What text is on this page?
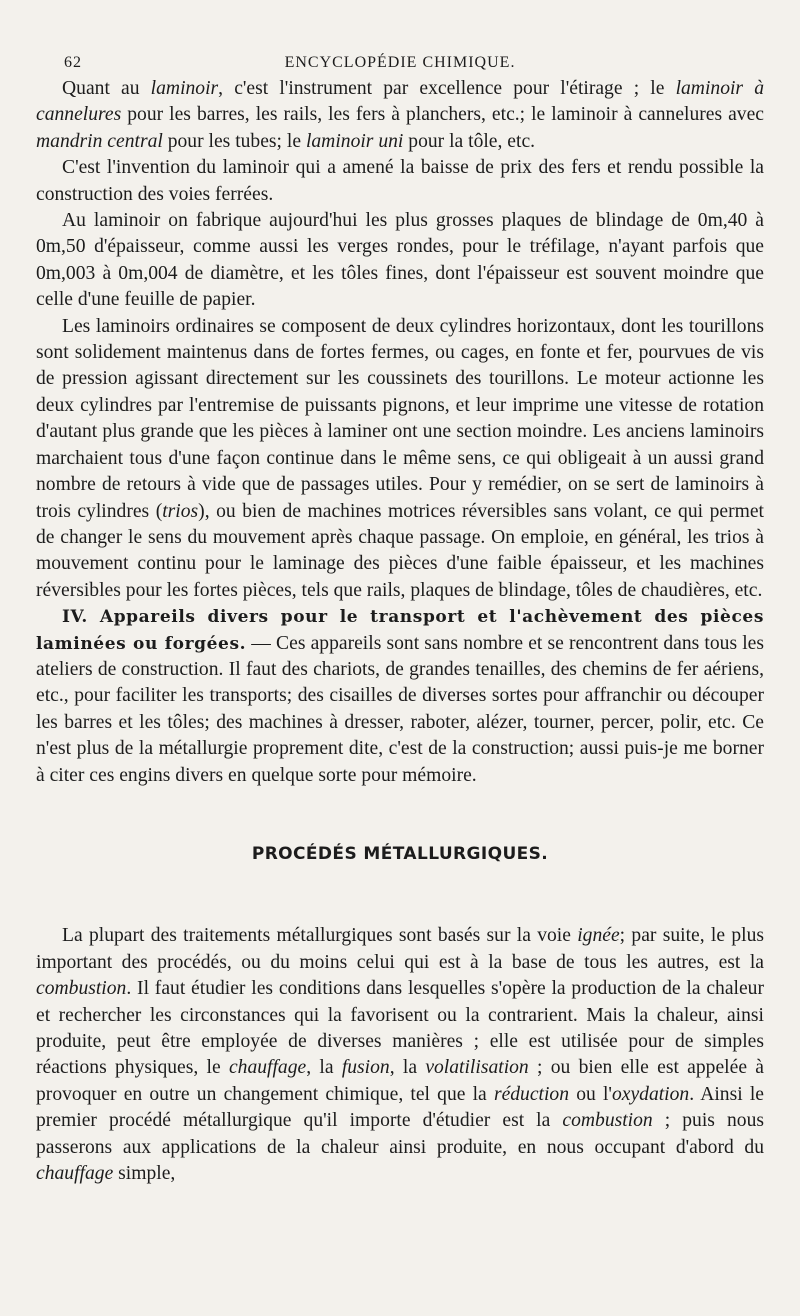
62	ENCYCLOPÉDIE CHIMIQUE.

Quant au laminoir, c'est l'instrument par excellence pour l'étirage ; le laminoir à cannelures pour les barres, les rails, les fers à planchers, etc.; le laminoir à cannelures avec mandrin central pour les tubes; le laminoir uni pour la tôle, etc.

C'est l'invention du laminoir qui a amené la baisse de prix des fers et rendu possible la construction des voies ferrées.

Au laminoir on fabrique aujourd'hui les plus grosses plaques de blindage de 0m,40 à 0m,50 d'épaisseur, comme aussi les verges rondes, pour le tréfilage, n'ayant parfois que 0m,003 à 0m,004 de diamètre, et les tôles fines, dont l'épaisseur est souvent moindre que celle d'une feuille de papier.

Les laminoirs ordinaires se composent de deux cylindres horizontaux, dont les tourillons sont solidement maintenus dans de fortes fermes, ou cages, en fonte et fer, pourvues de vis de pression agissant directement sur les coussinets des tourillons. Le moteur actionne les deux cylindres par l'entremise de puissants pignons, et leur imprime une vitesse de rotation d'autant plus grande que les pièces à laminer ont une section moindre. Les anciens laminoirs marchaient tous d'une façon continue dans le même sens, ce qui obligeait à un aussi grand nombre de retours à vide que de passages utiles. Pour y remédier, on se sert de laminoirs à trois cylindres (trios), ou bien de machines motrices réversibles sans volant, ce qui permet de changer le sens du mouvement après chaque passage. On emploie, en général, les trios à mouvement continu pour le laminage des pièces d'une faible épaisseur, et les machines réversibles pour les fortes pièces, tels que rails, plaques de blindage, tôles de chaudières, etc.

IV. Appareils divers pour le transport et l'achèvement des pièces laminées ou forgées. — Ces appareils sont sans nombre et se rencontrent dans tous les ateliers de construction. Il faut des chariots, de grandes tenailles, des chemins de fer aériens, etc., pour faciliter les transports; des cisailles de diverses sortes pour affranchir ou découper les barres et les tôles; des machines à dresser, raboter, alézer, tourner, percer, polir, etc. Ce n'est plus de la métallurgie proprement dite, c'est de la construction; aussi puis-je me borner à citer ces engins divers en quelque sorte pour mémoire.

PROCÉDÉS MÉTALLURGIQUES.

La plupart des traitements métallurgiques sont basés sur la voie ignée; par suite, le plus important des procédés, ou du moins celui qui est à la base de tous les autres, est la combustion. Il faut étudier les conditions dans lesquelles s'opère la production de la chaleur et rechercher les circonstances qui la favorisent ou la contrarient. Mais la chaleur, ainsi produite, peut être employée de diverses manières ; elle est utilisée pour de simples réactions physiques, le chauffage, la fusion, la volatilisation ; ou bien elle est appelée à provoquer en outre un changement chimique, tel que la réduction ou l'oxydation. Ainsi le premier procédé métallurgique qu'il importe d'étudier est la combustion ; puis nous passerons aux applications de la chaleur ainsi produite, en nous occupant d'abord du chauffage simple,
